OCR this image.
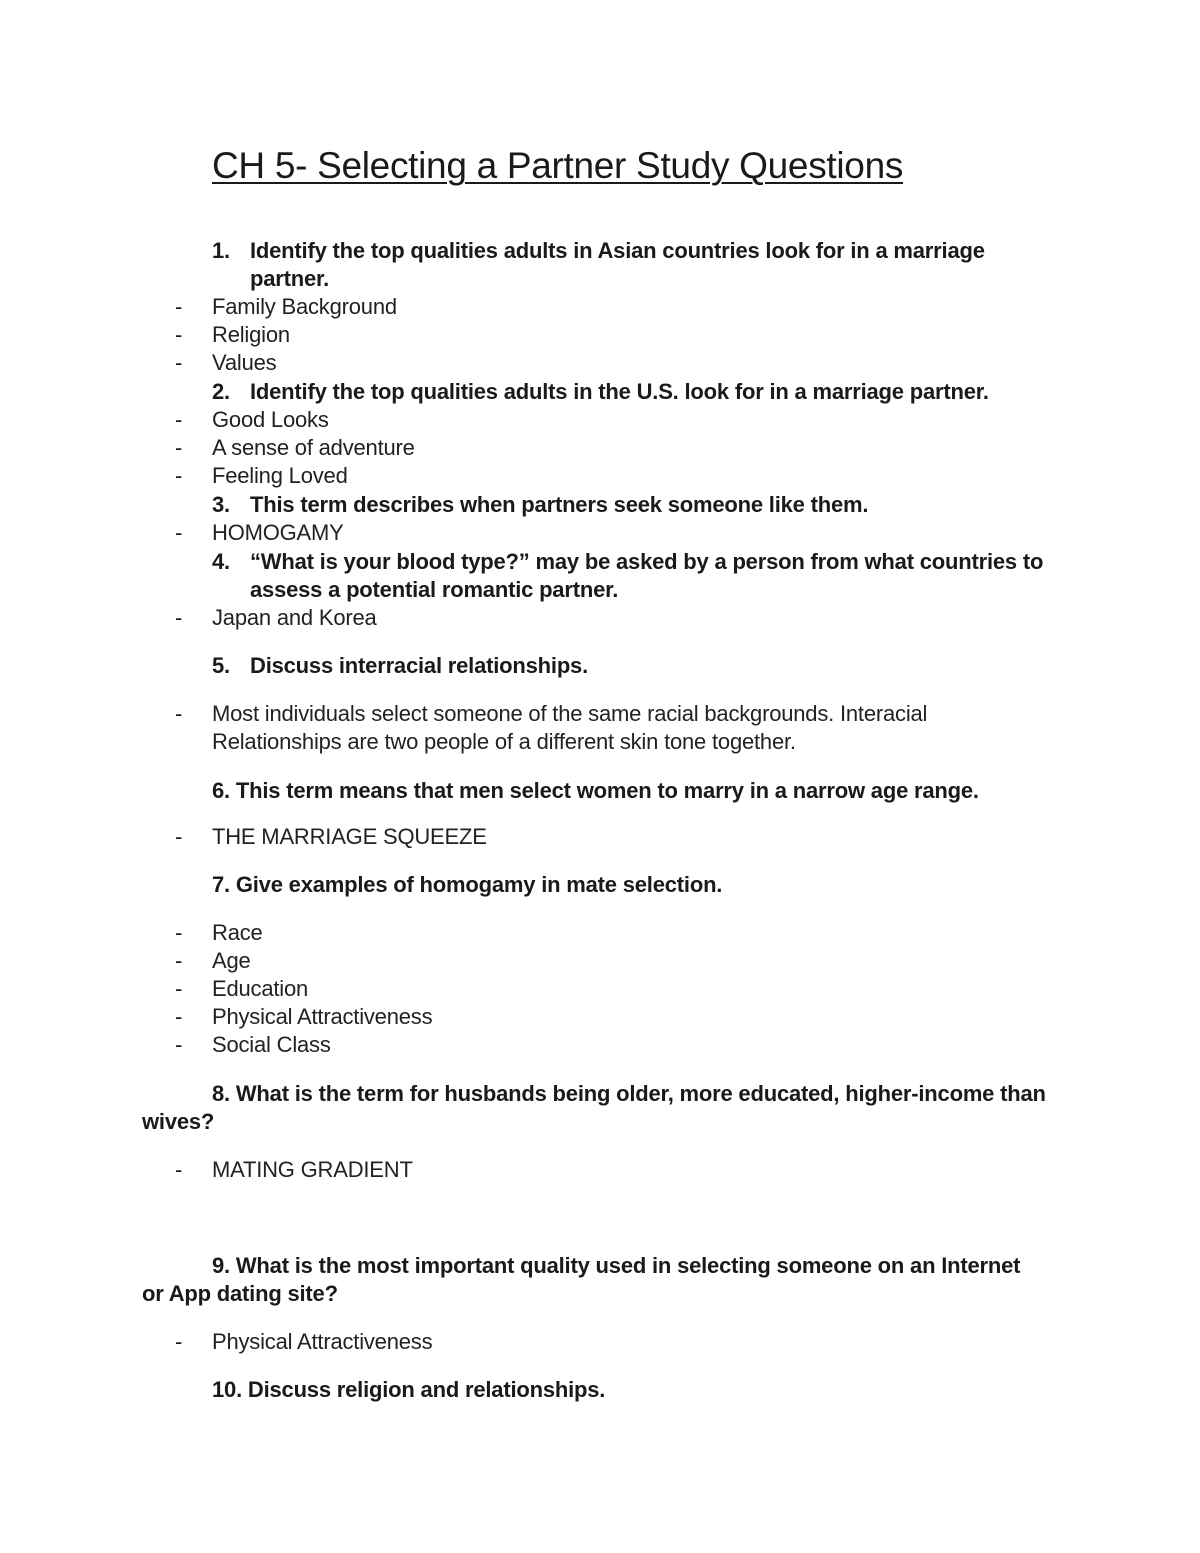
CH 5- Selecting a Partner Study Questions
1. Identify the top qualities adults in Asian countries look for in a marriage
partner.
- Family Background
- Religion
- Values
2. Identify the top qualities adults in the U.S. look for in a marriage partner.
- Good Looks
- A sense of adventure
- Feeling Loved
3. This term describes when partners seek someone like them.
- HOMOGAMY
4. “What is your blood type?” may be asked by a person from what countries to
assess a potential romantic partner.
- Japan and Korea
5. Discuss interracial relationships.
- Most individuals select someone of the same racial backgrounds. Interacial
Relationships are two people of a different skin tone together.
6. This term means that men select women to marry in a narrow age range.
- THE MARRIAGE SQUEEZE
7. Give examples of homogamy in mate selection.
- Race
- Age
- Education
- Physical Attractiveness
- Social Class
8. What is the term for husbands being older, more educated, higher-income than
wives?
- MATING GRADIENT
9. What is the most important quality used in selecting someone on an Internet
or App dating site?
- Physical Attractiveness
10. Discuss religion and relationships.
